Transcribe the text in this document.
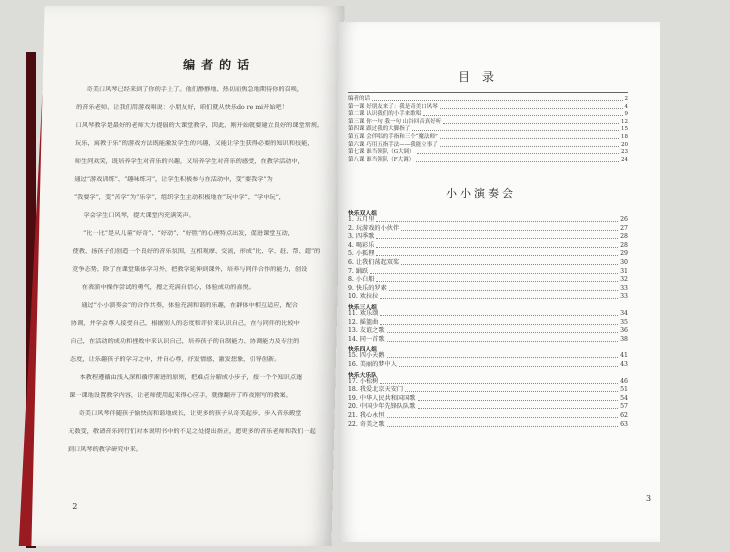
编者的话
奇美口风琴已经来到了你的手上了。他们静静地、热切而焦急地期待你的召唤，
的音乐老师、让我们用游戏唱说：小朋友好，咱们就从快乐do re mi开始吧！
口风琴教学是最好的老师大力提倡的大课堂教学，因此，刚开始就要建立良好的课堂常规。
玩乐，寓教于乐”的游戏方法既能激发学生的兴趣，又能让学生获得必要的知识和技能，
师生同欢笑，既培养学生对音乐的兴趣，又培养学生对音乐的感受，在教学活动中，
通过“游戏训练”、“趣味练习”，让学生积极参与在活动中，变“要我学”为
“我要学”，变“苦学”为“乐学”，组织学生主动积极地在“玩中学”、“学中玩”，
学会学生口风琴，提大课堂内充满笑声。
“比一比”是从儿童“好奇”、“好动”、“好胜”的心理特点出发，促进课堂互动，
使教、扬孩子们创造一个良好的音乐氛围，互相观摩、交流，形成“比、学、赶、帮、超”的
竞争态势，除了在课堂集体学习外，把教学延伸到课外，培养与同伴合作的能力，创设
在表演中操作尝试的勇气，搜之充满自信心，体验成功的喜悦。
通过“小小演奏会”的合作共奏，体验充满和谐的乐趣，在群体中相互适应，配合
协调，并学会尊人接受自己，根据别人的态度和评价来认识自己，在与同伴的比较中
自己，在活动的成功和挫败中来认识自己，培养孩子的自制能力、协调能力及专注的
态度，让乐趣孩子的学习之中，并自心尊，抒发情感，激发想象，引导创新。
本教程遵循由浅入深和循序渐进的原则，把难点分解成小步子，按一个个知识点逐
课一课地设置教学内容，让老师使用起来得心应手，就像翻开了昨夜刚写的教案。
奇美口风琴伴随孩子愉快而和谐地成长，让更多的孩子从奇美起步，步入音乐殿堂
无数变，敬请音乐同行们对本说明书中的不足之处提出指正，愿更多的音乐老师和我们一起
到口风琴的教学研究中来。
2
目录
编者的话	2
第一课 好朋友来了：我是奇美口风琴	4
第二课 认识我们的小手来歌唱	9
第三课 你一句 我一句 山谷回音真好听	12
第四课 跟过我的大脚指了	15
第五课 会伴唱的手指和三个“魔法师”	18
第六课 巧用五指手法——我能立事了	20
第七课 谁当领队（G大调）	23
第八课 谁当领队（F大调）	24
小小演奏会
快乐双人组
1. 五月里	26
2. 玩游戏的小伙伴	27
3. 四季歌	28
4. 喝彩乐	28
5. 小狐狸	29
6. 让我们荡起双桨	30
7. 踊跃	31
8. 小白船	32
9. 快乐的罗素	33
10. 欢拉拉	33
快乐三人组
11. 欢乐颂	34
12. 摇篮曲	35
13. 友谊之歌	36
14. 同一首歌	38
快乐四人组
15. 四小天鹅	41
16. 美丽的梦中人	43
快乐大乐队
17. 小松树	46
18. 我爱北京天安门	51
19. 中华人民共和国国歌	54
20. 中国少年先锋队队歌	57
21. 我心永恒	62
22. 奇美之歌	63
3
